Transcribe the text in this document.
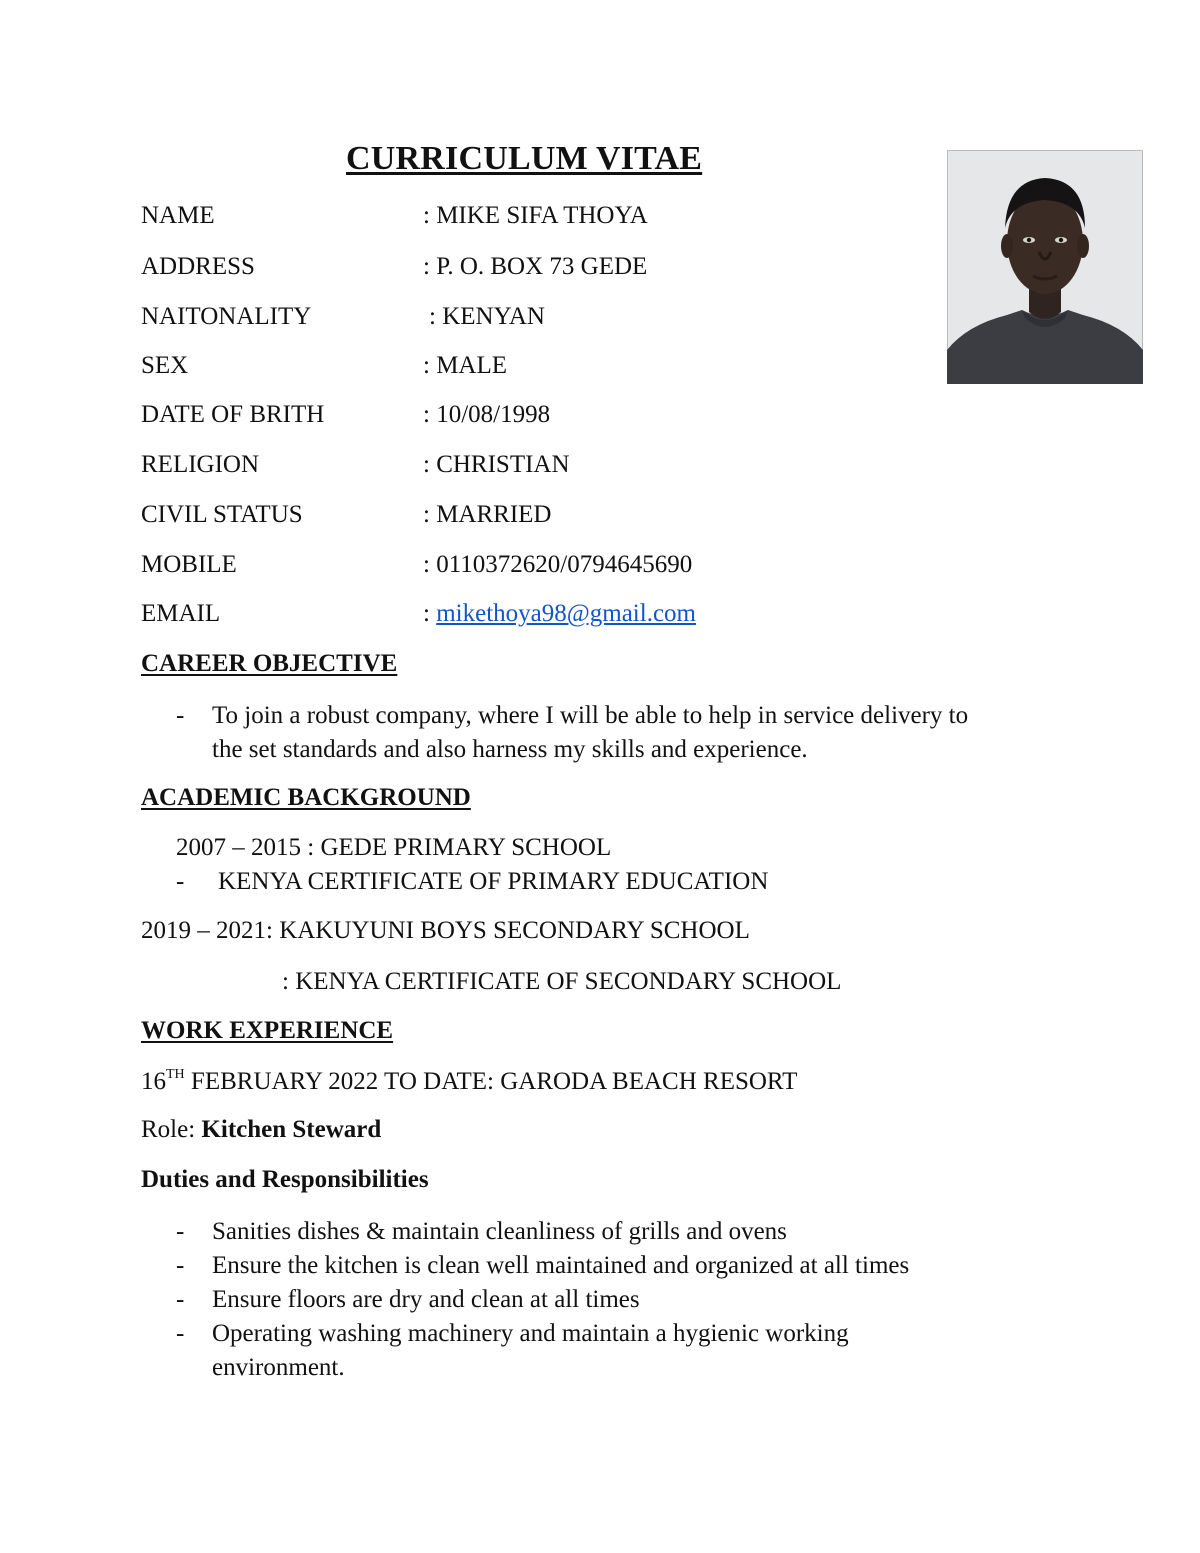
CURRICULUM VITAE
NAME	: MIKE SIFA THOYA
ADDRESS	: P. O. BOX 73 GEDE
NAITONALITY	: KENYAN
SEX	: MALE
DATE OF BRITH	: 10/08/1998
RELIGION	: CHRISTIAN
CIVIL STATUS	: MARRIED
MOBILE	: 0110372620/0794645690
EMAIL	: mikethoya98@gmail.com
CAREER OBJECTIVE
- To join a robust company, where I will be able to help in service delivery to
the set standards and also harness my skills and experience.
ACADEMIC BACKGROUND
2007 – 2015 : GEDE PRIMARY SCHOOL
- KENYA CERTIFICATE OF PRIMARY EDUCATION
2019 – 2021: KAKUYUNI BOYS SECONDARY SCHOOL
: KENYA CERTIFICATE OF SECONDARY SCHOOL
WORK EXPERIENCE
16TH FEBRUARY 2022 TO DATE: GARODA BEACH RESORT
Role: Kitchen Steward
Duties and Responsibilities
- Sanities dishes & maintain cleanliness of grills and ovens
- Ensure the kitchen is clean well maintained and organized at all times
- Ensure floors are dry and clean at all times
- Operating washing machinery and maintain a hygienic working
environment.
